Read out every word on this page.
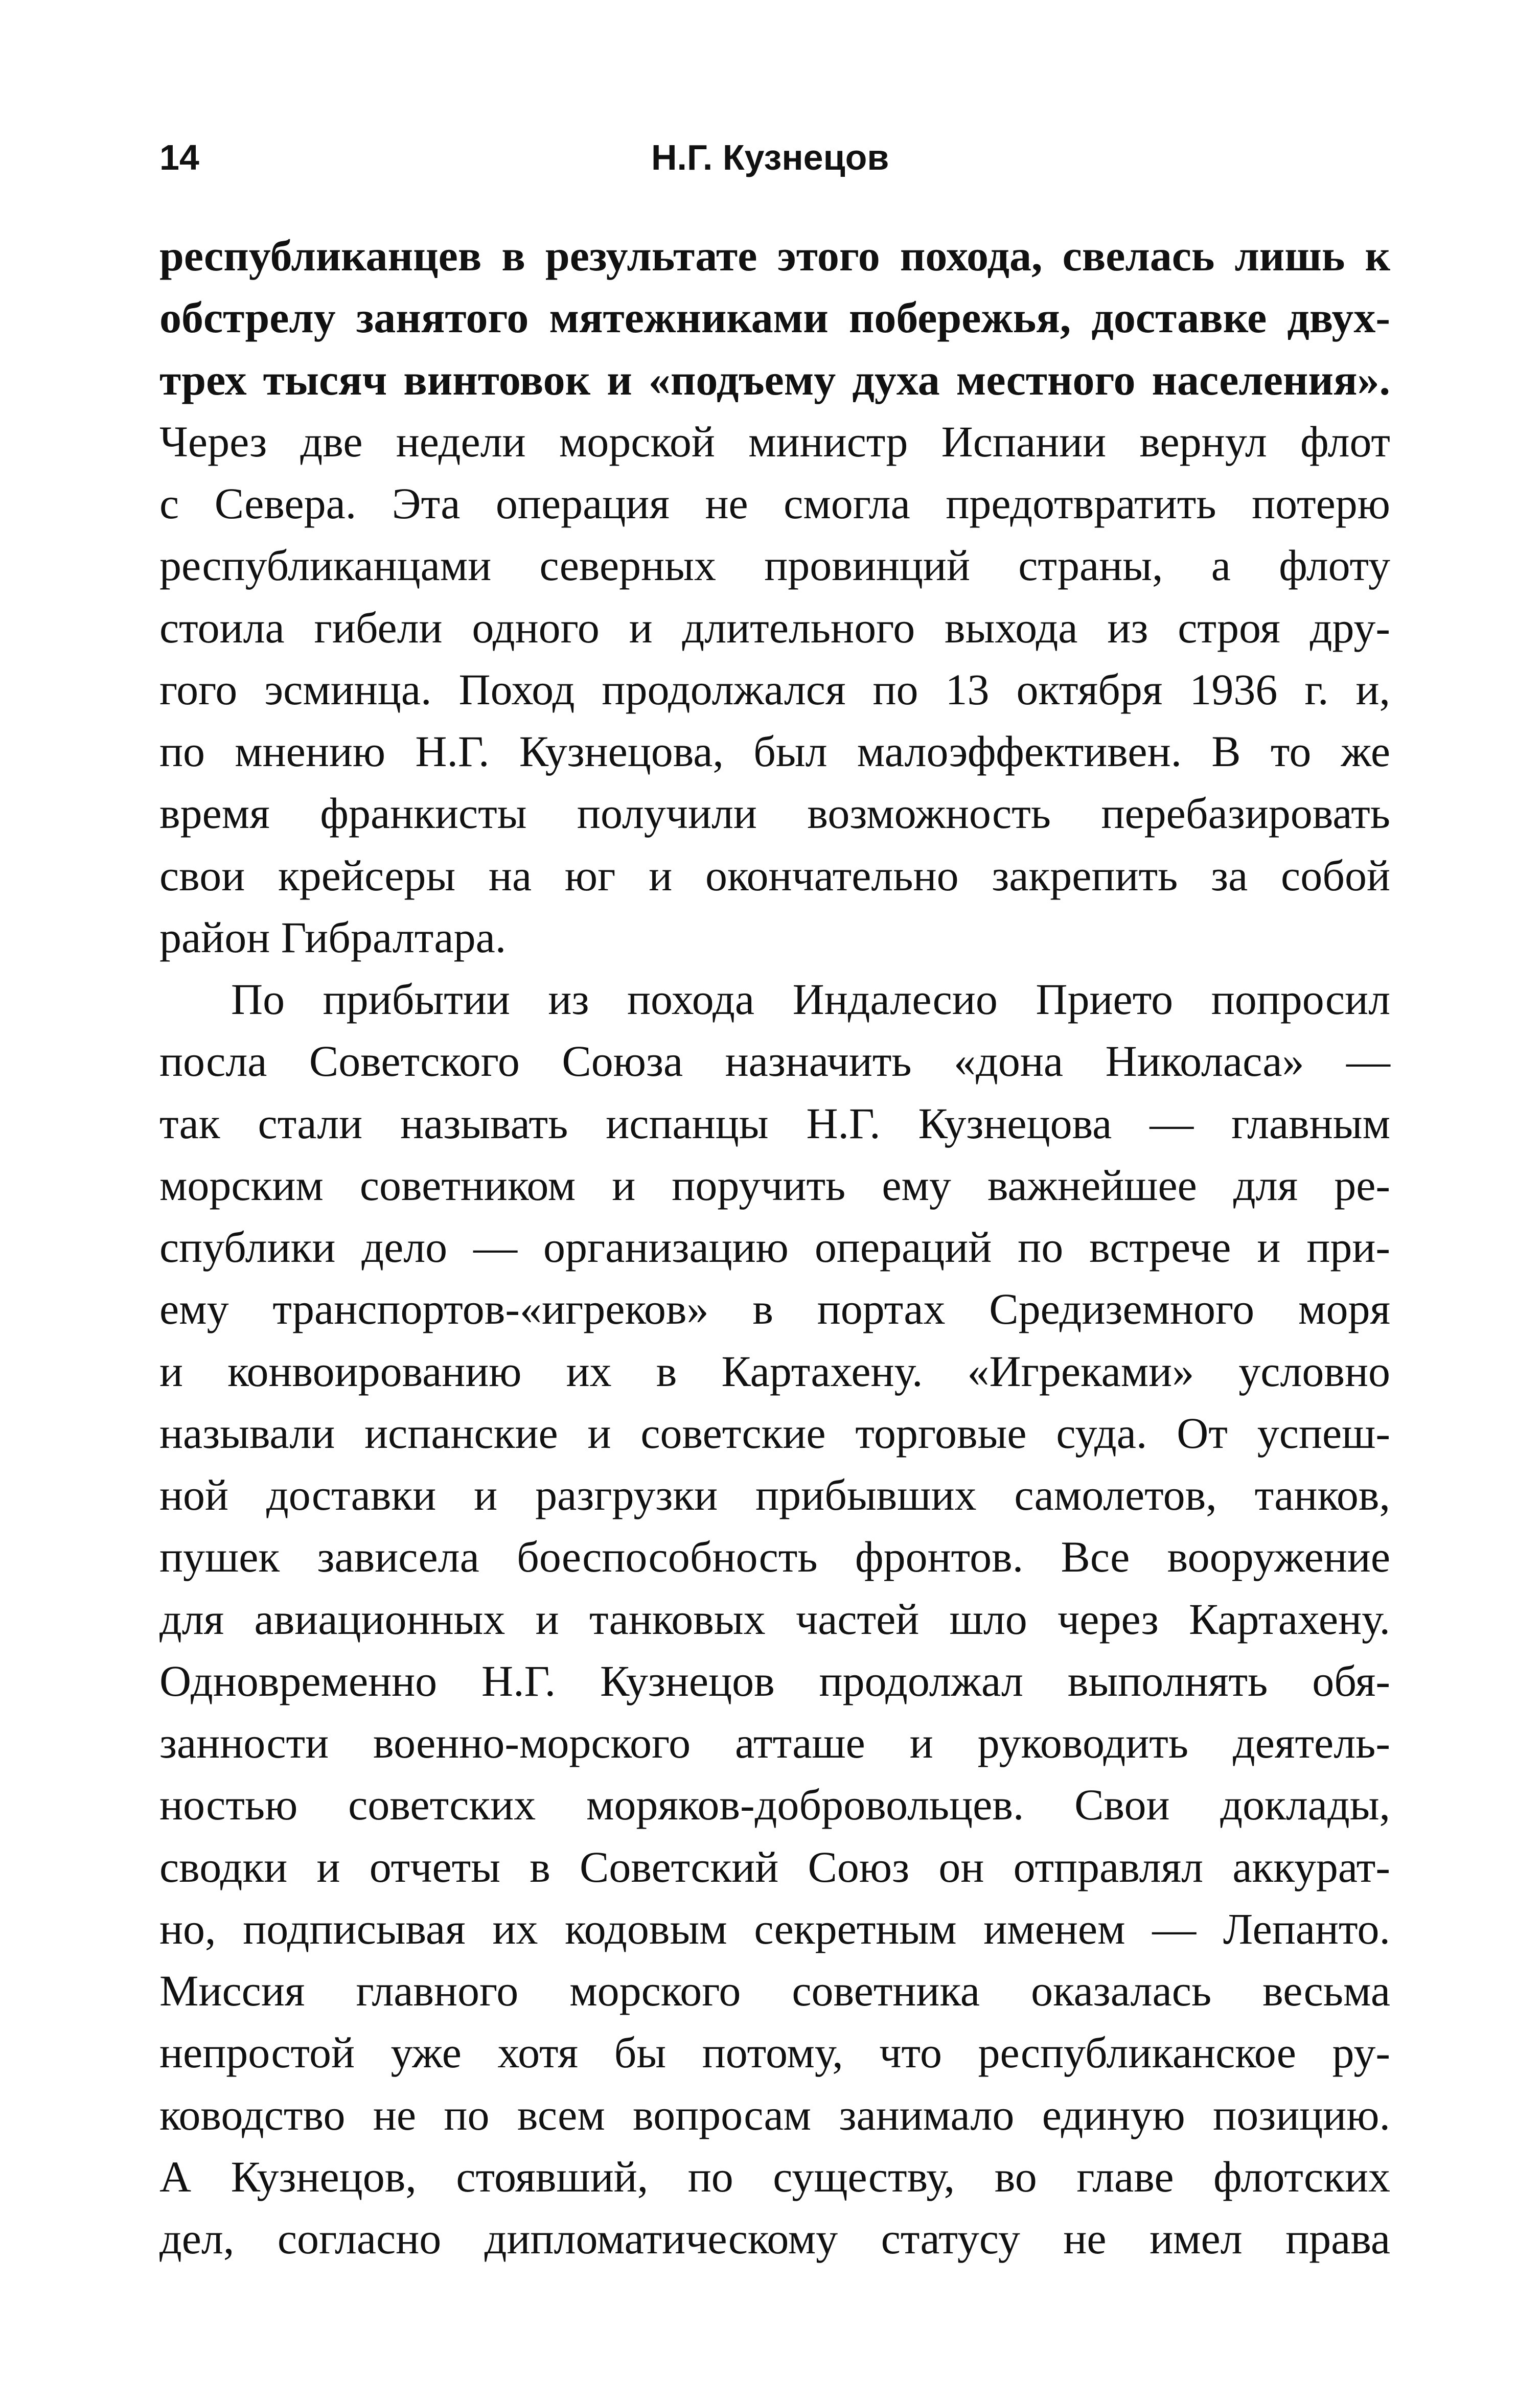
14	Н.Г. Кузнецов
республиканцев в результате этого похода, свелась лишь к
обстрелу занятого мятежниками побережья, доставке двух-
трех тысяч винтовок и «подъему духа местного населения».
Через две недели морской министр Испании вернул флот
с Севера. Эта операция не смогла предотвратить потерю
республиканцами северных провинций страны, а флоту
стоила гибели одного и длительного выхода из строя дру-
гого эсминца. Поход продолжался по 13 октября 1936 г. и,
по мнению Н.Г. Кузнецова, был малоэффективен. В то же
время франкисты получили возможность перебазировать
свои крейсеры на юг и окончательно закрепить за собой
район Гибралтара.
По прибытии из похода Индалесио Прието попросил
посла Советского Союза назначить «дона Николаса» —
так стали называть испанцы Н.Г. Кузнецова — главным
морским советником и поручить ему важнейшее для ре-
спублики дело — организацию операций по встрече и при-
ему транспортов-«игреков» в портах Средиземного моря
и конвоированию их в Картахену. «Игреками» условно
называли испанские и советские торговые суда. От успеш-
ной доставки и разгрузки прибывших самолетов, танков,
пушек зависела боеспособность фронтов. Все вооружение
для авиационных и танковых частей шло через Картахену.
Одновременно Н.Г. Кузнецов продолжал выполнять обя-
занности военно-морского атташе и руководить деятель-
ностью советских моряков-добровольцев. Свои доклады,
сводки и отчеты в Советский Союз он отправлял аккурат-
но, подписывая их кодовым секретным именем — Лепанто.
Миссия главного морского советника оказалась весьма
непростой уже хотя бы потому, что республиканское ру-
ководство не по всем вопросам занимало единую позицию.
А Кузнецов, стоявший, по существу, во главе флотских
дел, согласно дипломатическому статусу не имел права
